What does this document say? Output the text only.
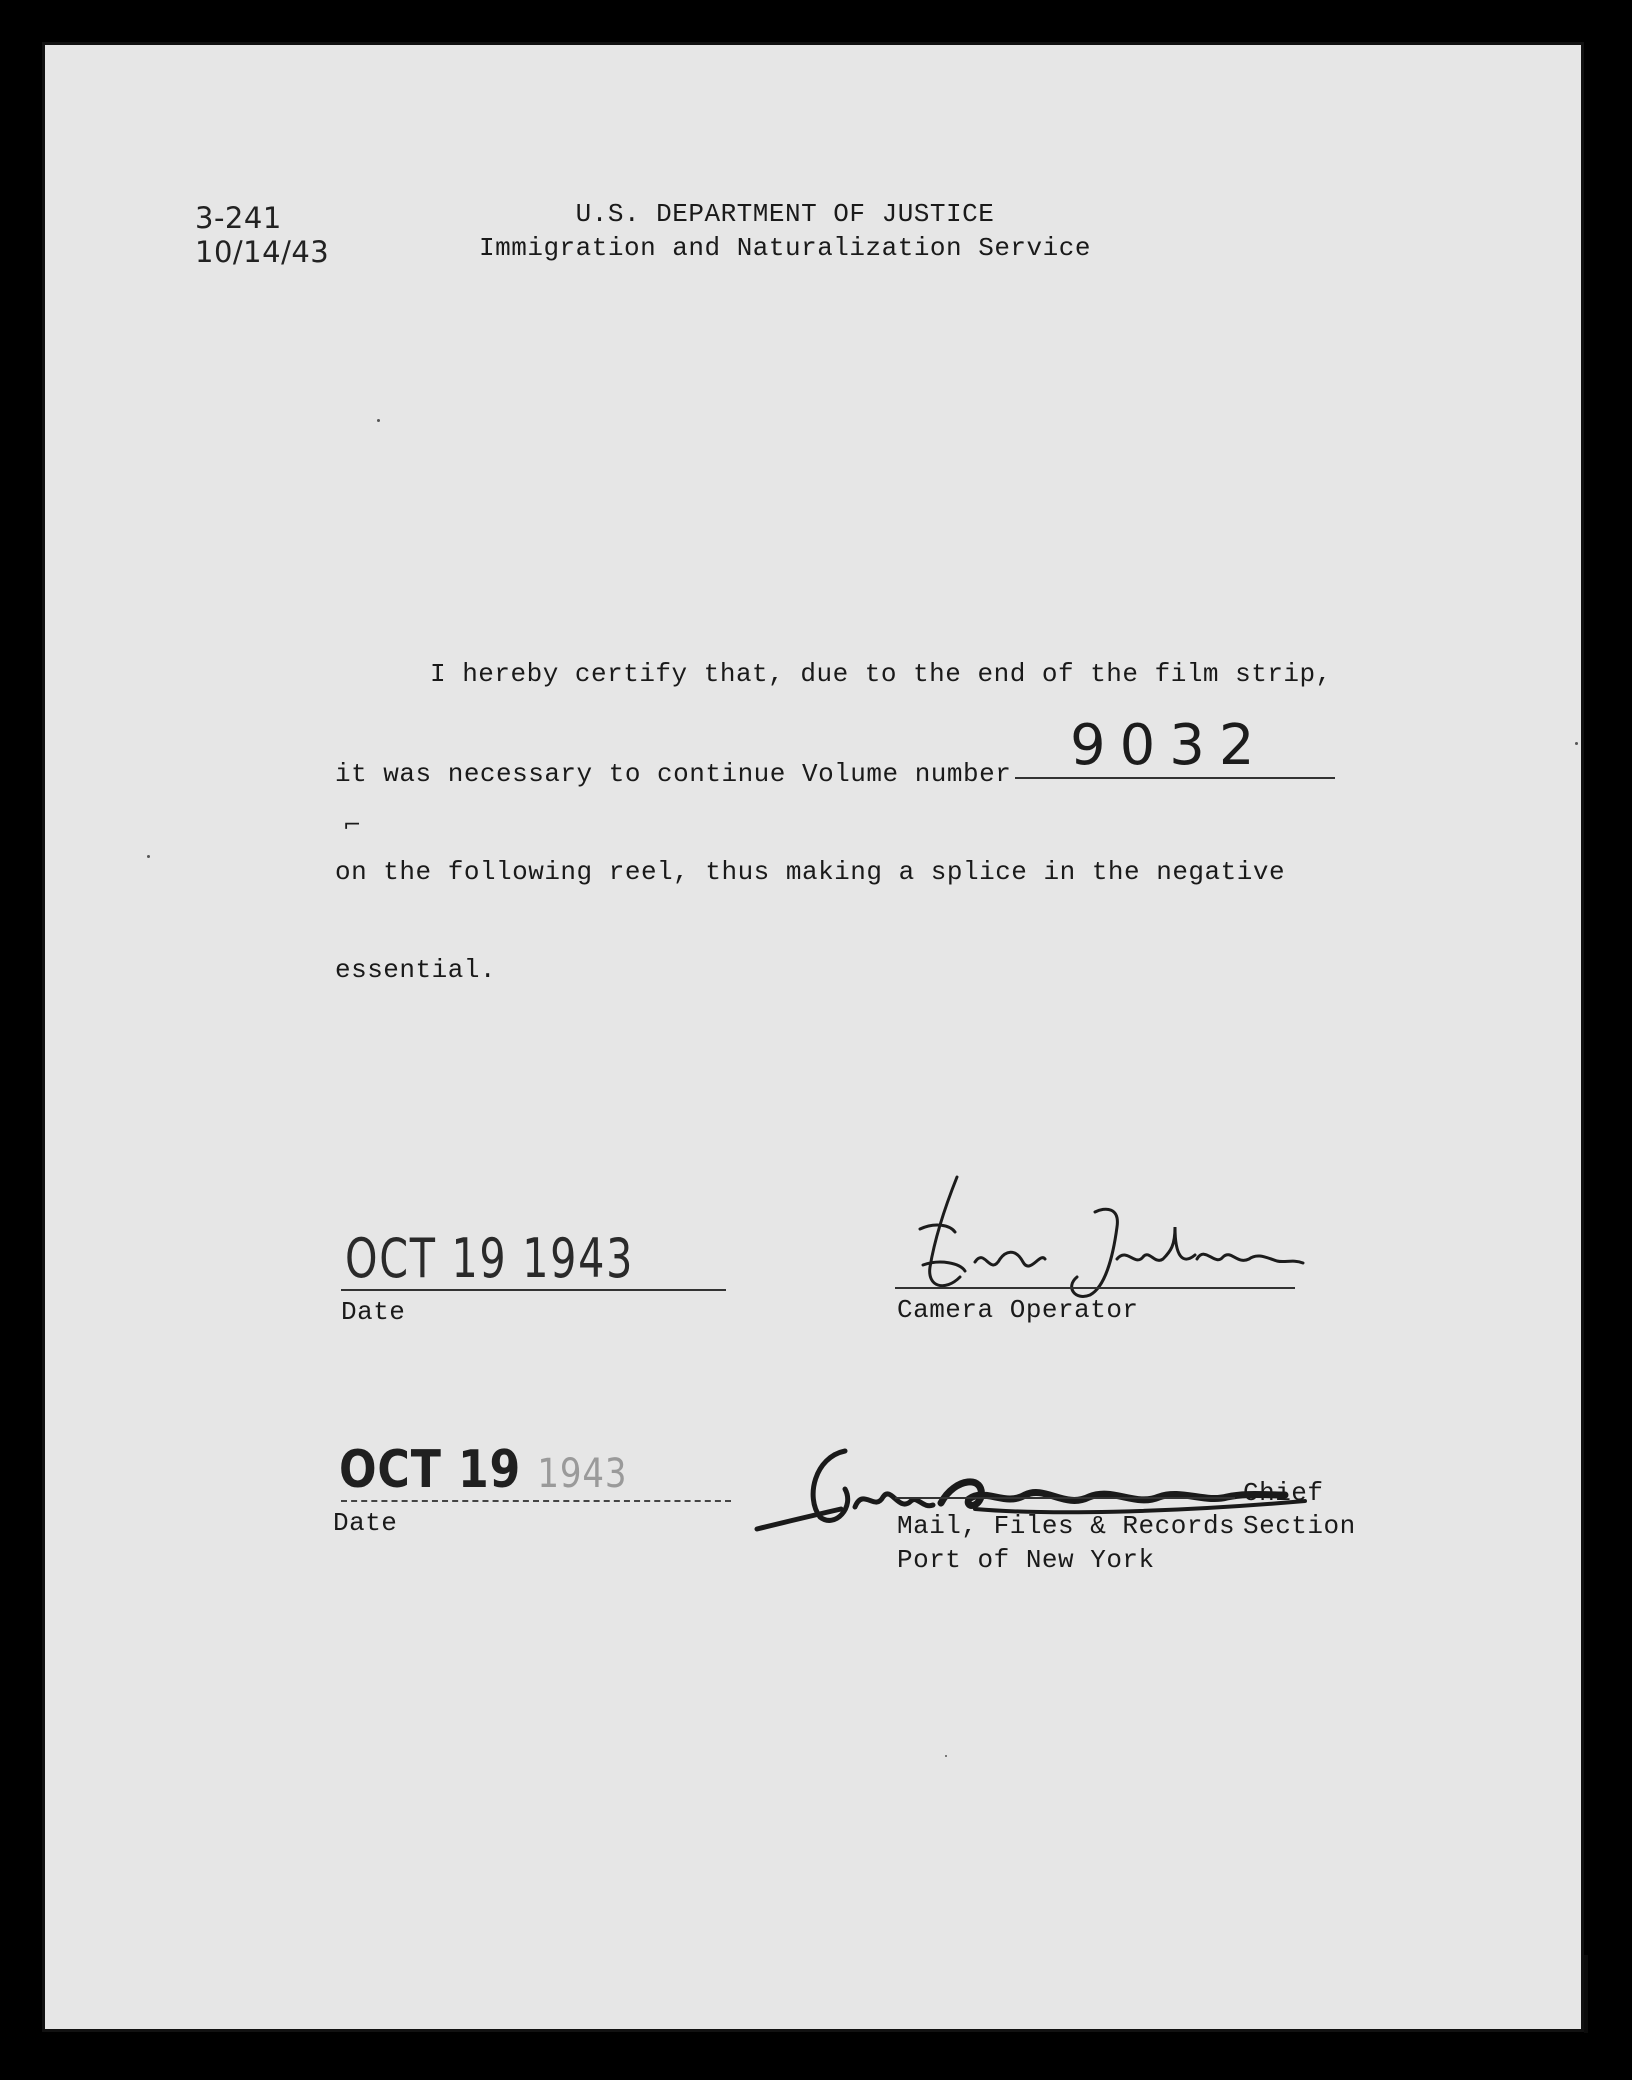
3-241
10/14/43
U.S. DEPARTMENT OF JUSTICE
Immigration and Naturalization Service
I hereby certify that, due to the end of the film strip,
it was necessary to continue Volume number 9032
⌐
on the following reel, thus making a splice in the negative
essential.
OCT 19 1943
Date	Camera Operator
OCT 19 1943
Date
Chief
Mail, Files & Records Section
Port of New York
